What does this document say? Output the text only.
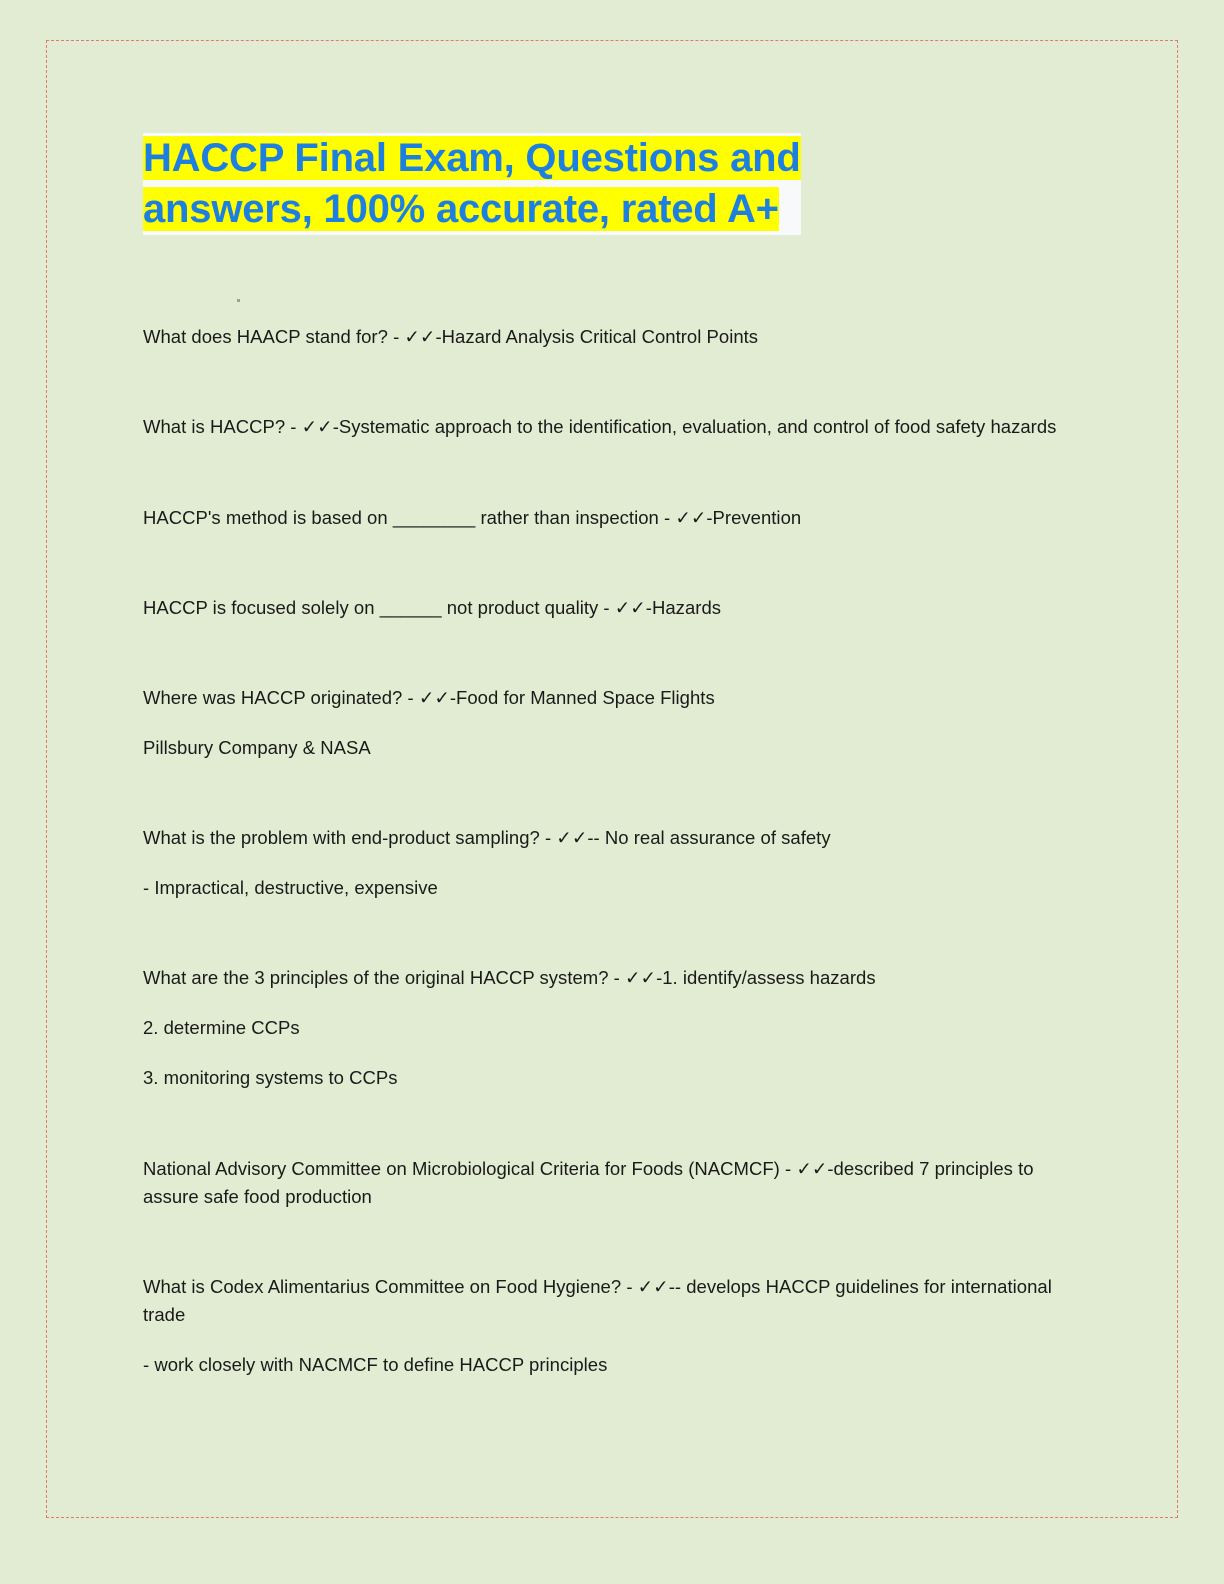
HACCP Final Exam, Questions and
answers, 100% accurate, rated A+

What does HAACP stand for? - ✓✓-Hazard Analysis Critical Control Points

What is HACCP? - ✓✓-Systematic approach to the identification, evaluation, and control of food safety hazards

HACCP's method is based on ________ rather than inspection - ✓✓-Prevention

HACCP is focused solely on ______ not product quality - ✓✓-Hazards

Where was HACCP originated? - ✓✓-Food for Manned Space Flights

Pillsbury Company & NASA

What is the problem with end-product sampling? - ✓✓-- No real assurance of safety

- Impractical, destructive, expensive

What are the 3 principles of the original HACCP system? - ✓✓-1. identify/assess hazards

2. determine CCPs

3. monitoring systems to CCPs

National Advisory Committee on Microbiological Criteria for Foods (NACMCF) - ✓✓-described 7 principles to assure safe food production

What is Codex Alimentarius Committee on Food Hygiene? - ✓✓-- develops HACCP guidelines for international trade

- work closely with NACMCF to define HACCP principles
